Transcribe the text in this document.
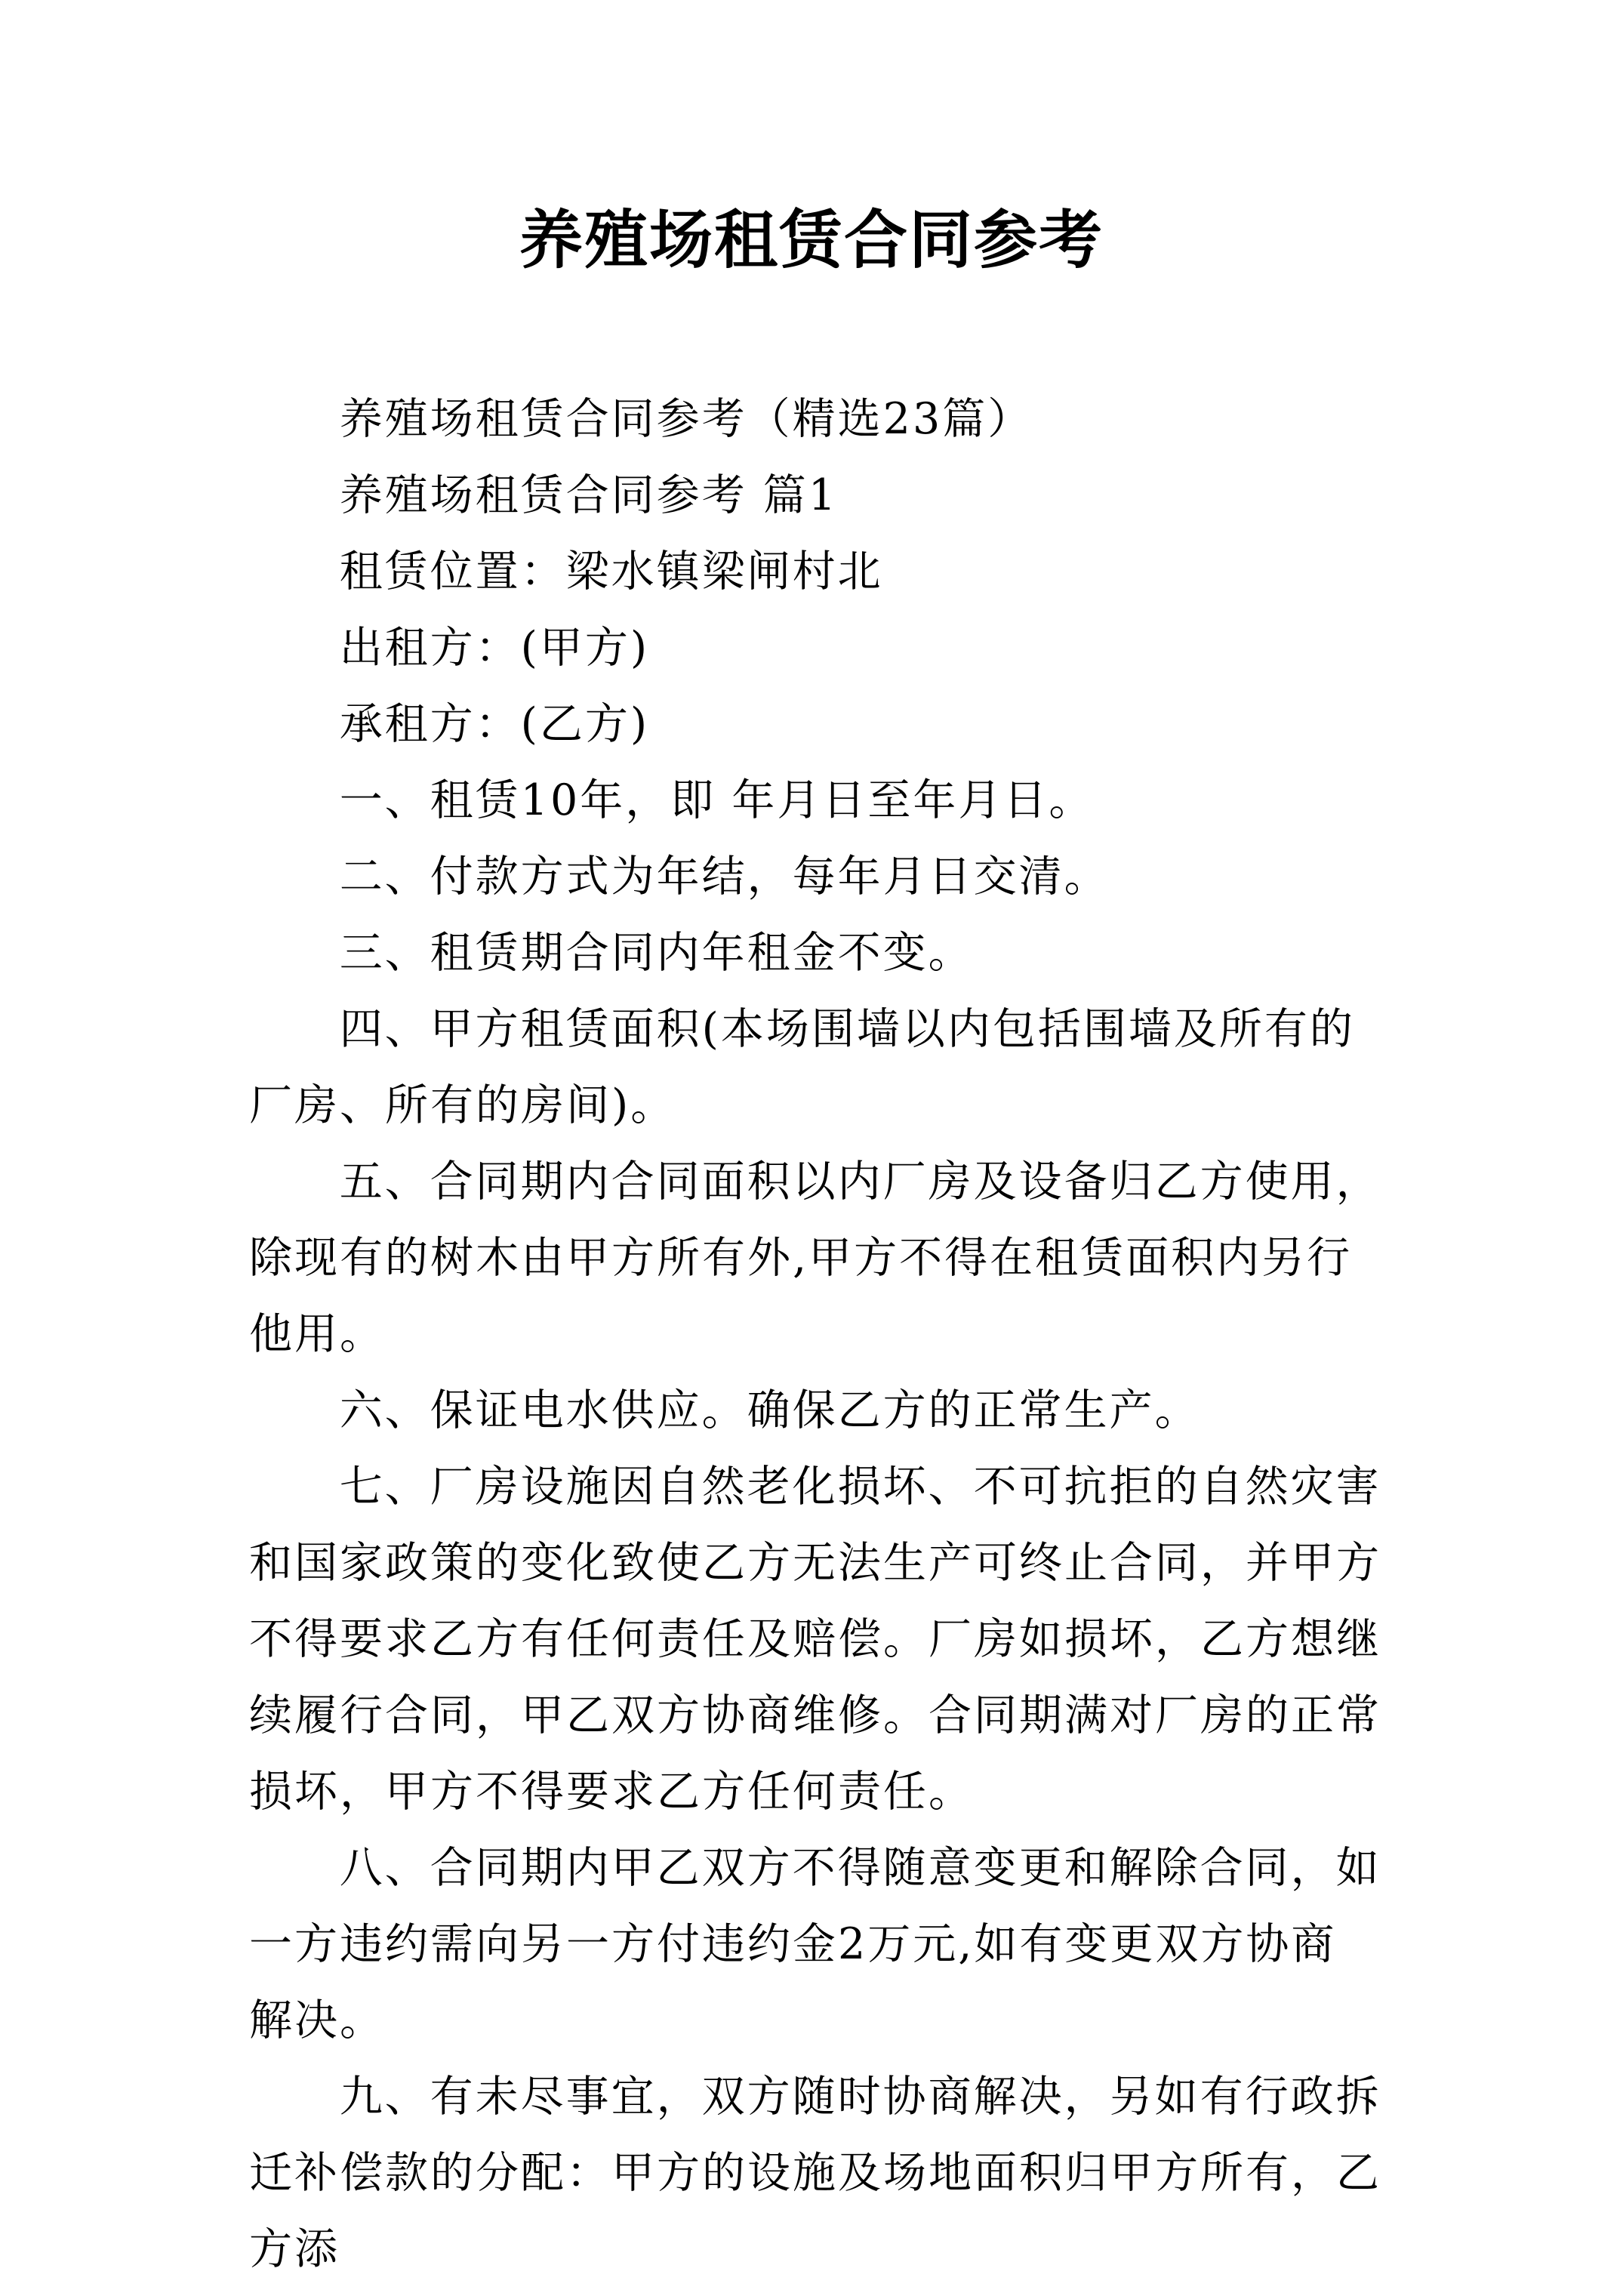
养殖场租赁合同参考

养殖场租赁合同参考（精选23篇）

养殖场租赁合同参考 篇1

租赁位置：梁水镇梁闸村北

出租方：(甲方)

承租方：(乙方)

一、租赁10年，即 年月日至年月日。

二、付款方式为年结，每年月日交清。

三、租赁期合同内年租金不变。

四、甲方租赁面积(本场围墙以内包括围墙及所有的厂房、所有的房间)。

五、合同期内合同面积以内厂房及设备归乙方使用，除现有的树木由甲方所有外,甲方不得在租赁面积内另行他用。

六、保证电水供应。确保乙方的正常生产。

七、厂房设施因自然老化损坏、不可抗拒的自然灾害和国家政策的变化致使乙方无法生产可终止合同，并甲方不得要求乙方有任何责任及赔偿。厂房如损坏，乙方想继续履行合同，甲乙双方协商维修。合同期满对厂房的正常损坏，甲方不得要求乙方任何责任。

八、合同期内甲乙双方不得随意变更和解除合同，如一方违约需向另一方付违约金2万元,如有变更双方协商解决。

九、有未尽事宜，双方随时协商解决，另如有行政拆迁补偿款的分配：甲方的设施及场地面积归甲方所有，乙方添
